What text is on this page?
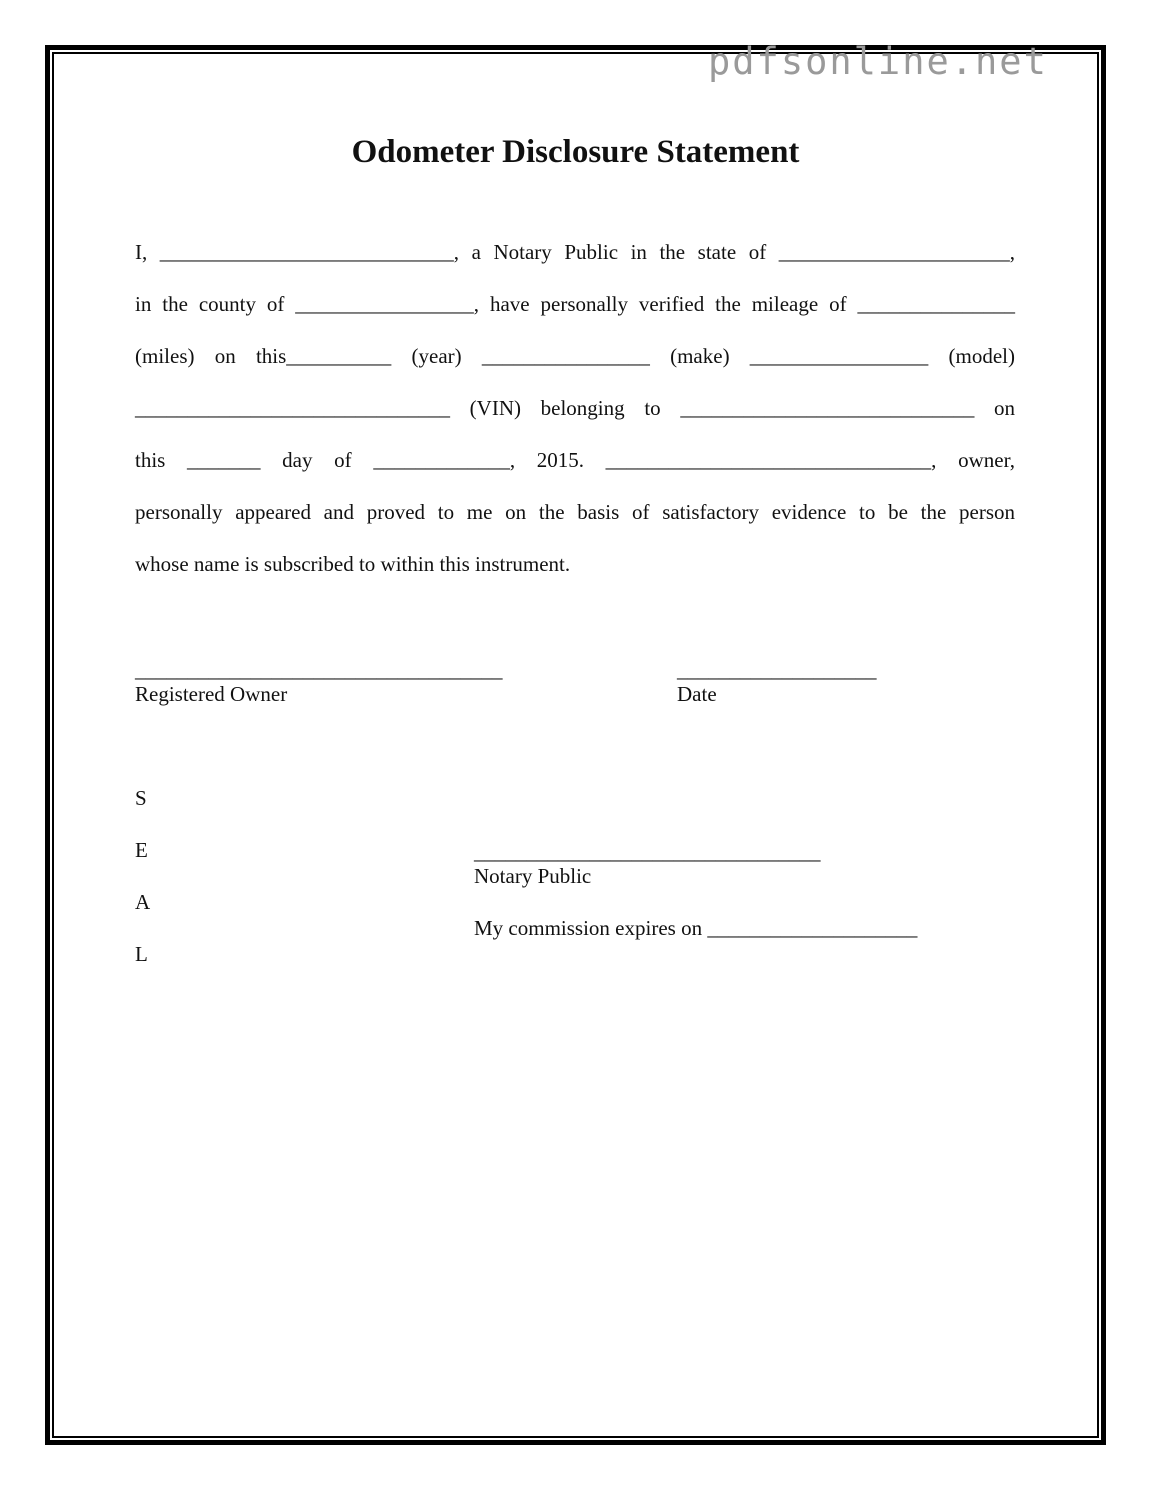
pdfsonline.net
Odometer Disclosure Statement
I, ____________________________, a Notary Public in the state of ______________________,
in the county of _________________, have personally verified the mileage of _______________
(miles) on this__________ (year) ________________ (make) _________________ (model)
______________________________ (VIN) belonging to ____________________________ on
this _______ day of _____________, 2015. _______________________________, owner,
personally appeared and proved to me on the basis of satisfactory evidence to be the person
whose name is subscribed to within this instrument.
___________________________________
Registered Owner
___________________
Date
S
E
A
L
_________________________________
Notary Public
My commission expires on ____________________
